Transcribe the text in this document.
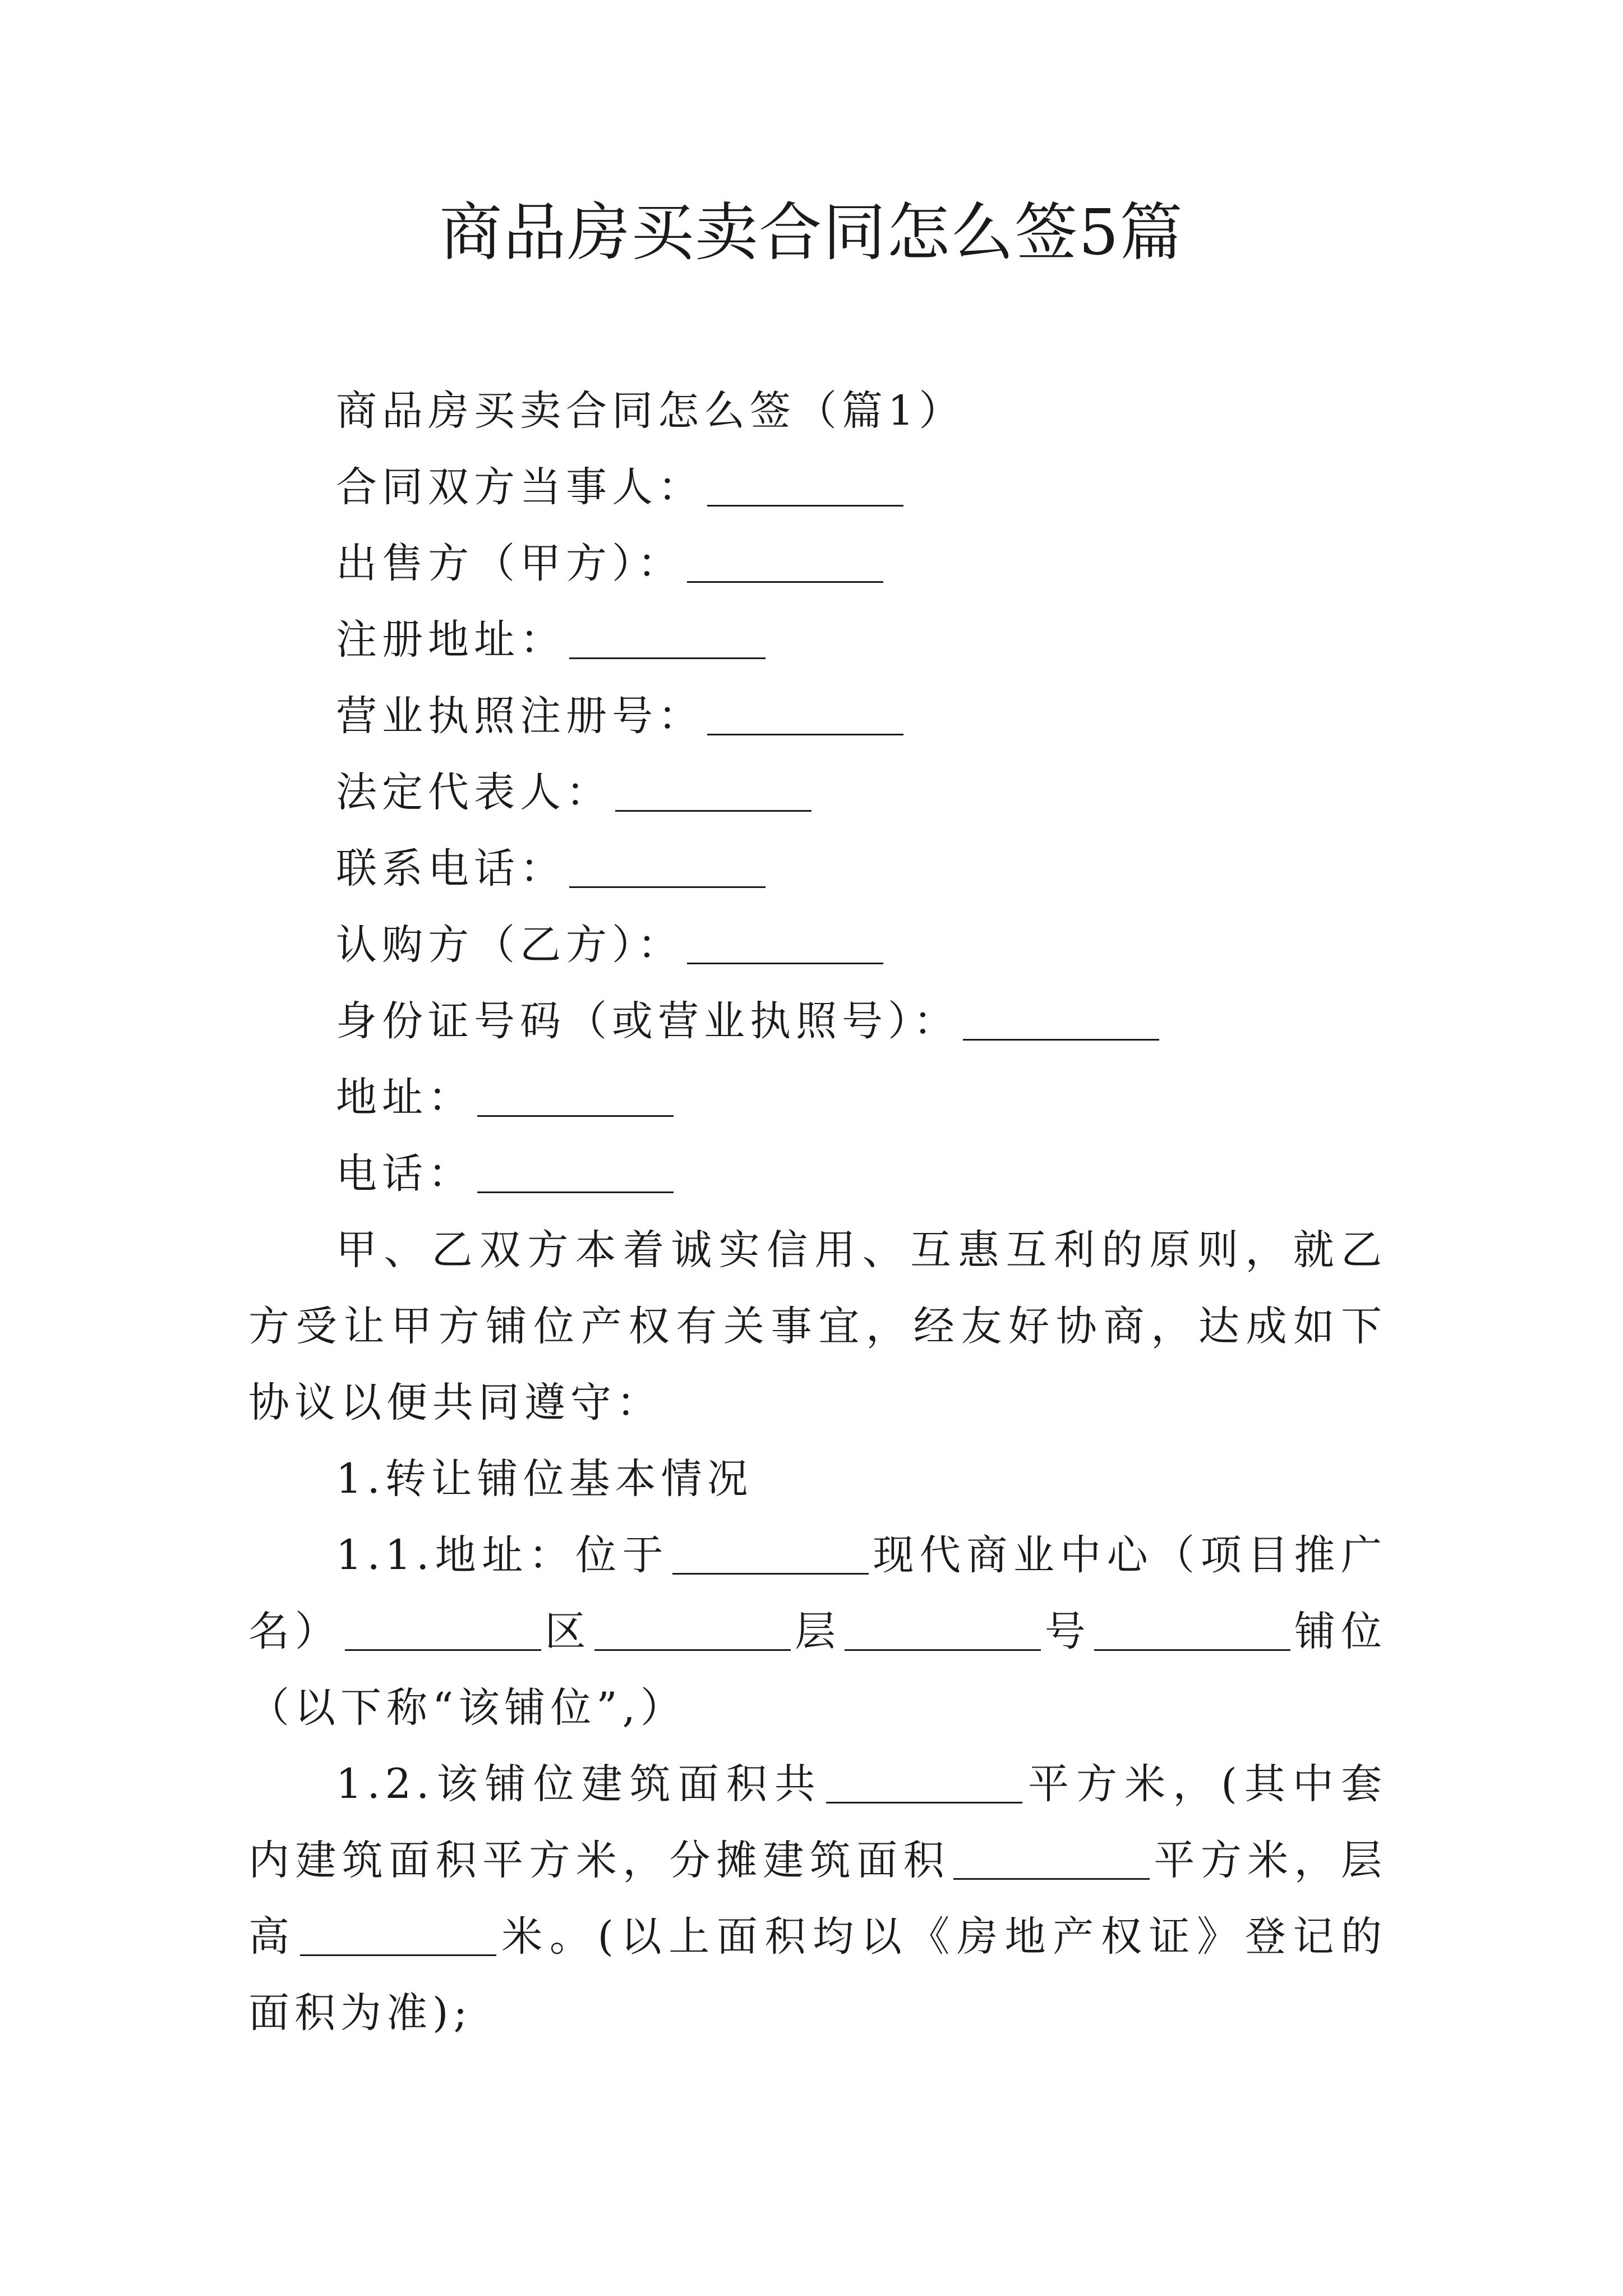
商品房买卖合同怎么签5篇

商品房买卖合同怎么签（篇1）

合同双方当事人：

出售方（甲方）：

注册地址：

营业执照注册号：

法定代表人：

联系电话：

认购方（乙方）：

身份证号码（或营业执照号）：

地址：

电话：

甲、乙双方本着诚实信用、互惠互利的原则，就乙方受让甲方铺位产权有关事宜，经友好协商，达成如下协议以便共同遵守：

1.转让铺位基本情况

1.1.地址：位于	现代商业中心（项目推广名）	区	层	号	铺位（以下称“该铺位”,）

1.2.该铺位建筑面积共	平方米，(其中套内建筑面积平方米，分摊建筑面积	平方米，层高	米。(以上面积均以《房地产权证》登记的面积为准);
